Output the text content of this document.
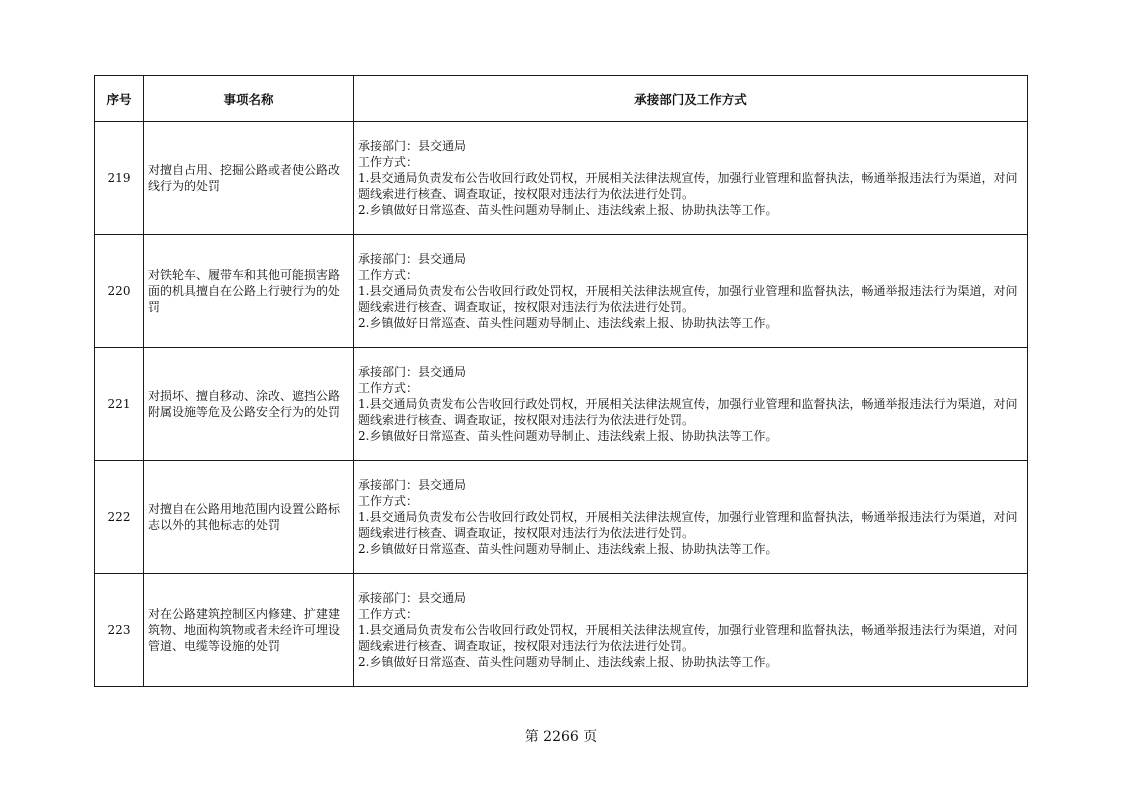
序号	事项名称	承接部门及工作方式
219	对擅自占用、挖掘公路或者使公路改线行为的处罚	承接部门：县交通局
工作方式：
1.县交通局负责发布公告收回行政处罚权，开展相关法律法规宣传，加强行业管理和监督执法，畅通举报违法行为渠道，对问题线索进行核查、调查取证，按权限对违法行为依法进行处罚。
2.乡镇做好日常巡查、苗头性问题劝导制止、违法线索上报、协助执法等工作。

220	对铁轮车、履带车和其他可能损害路面的机具擅自在公路上行驶行为的处罚	承接部门：县交通局
工作方式：
1.县交通局负责发布公告收回行政处罚权，开展相关法律法规宣传，加强行业管理和监督执法，畅通举报违法行为渠道，对问题线索进行核查、调查取证，按权限对违法行为依法进行处罚。
2.乡镇做好日常巡查、苗头性问题劝导制止、违法线索上报、协助执法等工作。

221	对损坏、擅自移动、涂改、遮挡公路附属设施等危及公路安全行为的处罚	承接部门：县交通局
工作方式：
1.县交通局负责发布公告收回行政处罚权，开展相关法律法规宣传，加强行业管理和监督执法，畅通举报违法行为渠道，对问题线索进行核查、调查取证，按权限对违法行为依法进行处罚。
2.乡镇做好日常巡查、苗头性问题劝导制止、违法线索上报、协助执法等工作。

222	对擅自在公路用地范围内设置公路标志以外的其他标志的处罚	承接部门：县交通局
工作方式：
1.县交通局负责发布公告收回行政处罚权，开展相关法律法规宣传，加强行业管理和监督执法，畅通举报违法行为渠道，对问题线索进行核查、调查取证，按权限对违法行为依法进行处罚。
2.乡镇做好日常巡查、苗头性问题劝导制止、违法线索上报、协助执法等工作。

223	对在公路建筑控制区内修建、扩建建筑物、地面构筑物或者未经许可埋设管道、电缆等设施的处罚	承接部门：县交通局
工作方式：
1.县交通局负责发布公告收回行政处罚权，开展相关法律法规宣传，加强行业管理和监督执法，畅通举报违法行为渠道，对问题线索进行核查、调查取证，按权限对违法行为依法进行处罚。
2.乡镇做好日常巡查、苗头性问题劝导制止、违法线索上报、协助执法等工作。
第 2266 页
